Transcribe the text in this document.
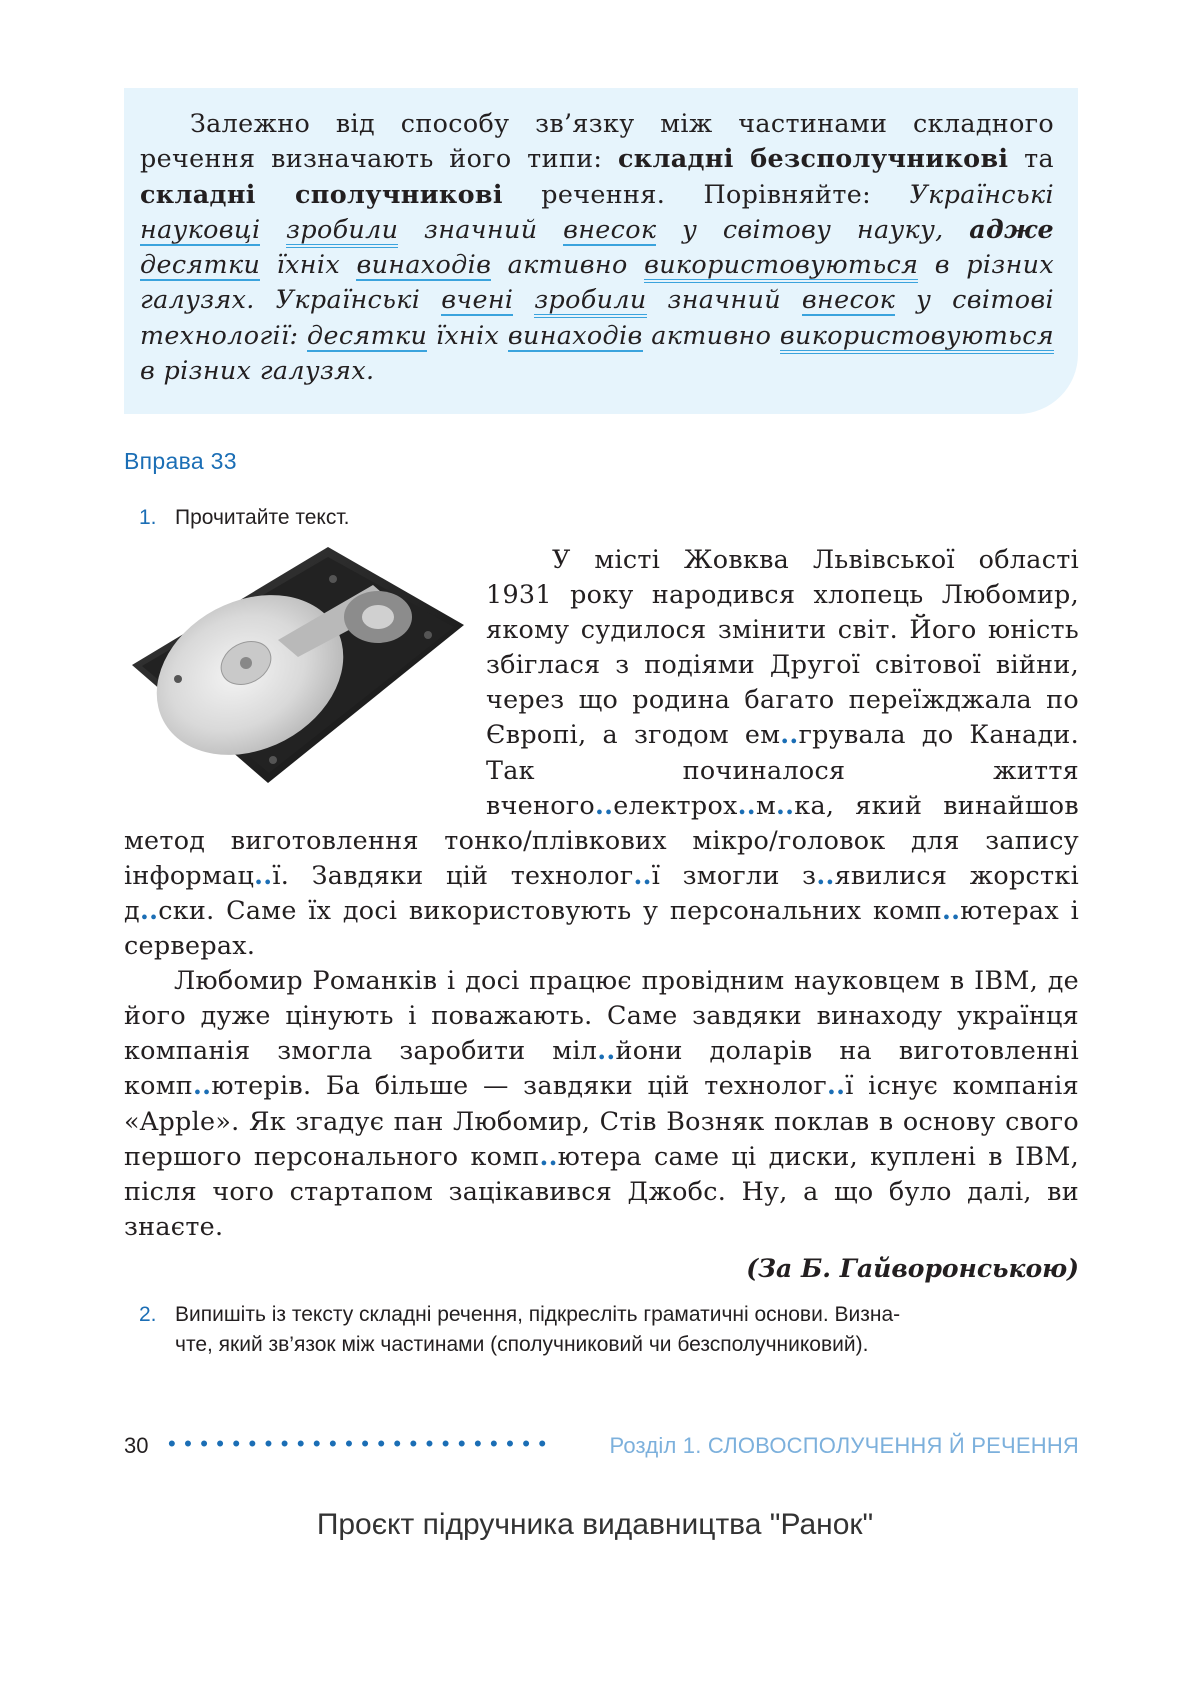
Залежно від способу зв’язку між частинами складного речення визначають його типи: складні безсполучникові та складні сполучникові речення. Порівняйте: Українські науковці зробили значний внесок у світову науку, адже десятки їхніх винаходів активно використовуються в різних галузях. Українські вчені зробили значний внесок у світові технології: десятки їхніх винаходів активно використовуються в різних галузях.

Вправа 33
1. Прочитайте текст.

У місті Жовква Львівської області 1931 року народився хлопець Любомир, якому судилося змінити світ. Його юність збіглася з подіями Другої світової війни, через що родина багато переїжджала по Європі, а згодом ем..грувала до Канади. Так починалося життя вченого..електрох..м..ка, який винайшов метод виготовлення тонко/плівкових мікро/головок для запису інформац..ї. Завдяки цій технолог..ї змогли з..явилися жорсткі д..ски. Саме їх досі використовують у персональних комп..ютерах і серверах.

Любомир Романків і досі працює провідним науковцем в IBM, де його дуже цінують і поважають. Саме завдяки винаходу українця компанія змогла заробити міл..йони доларів на виготовленні комп..ютерів. Ба більше — завдяки цій технолог..ї існує компанія «Apple». Як згадує пан Любомир, Стів Возняк поклав в основу свого першого персонального комп..ютера саме ці диски, куплені в IBM, після чого стартапом зацікавився Джобс. Ну, а що було далі, ви знаєте.

(За Б. Гайворонською)
2. Випишіть із тексту складні речення, підкресліть граматичні основи. Визна-
чте, який зв’язок між частинами (сполучниковий чи безсполучниковий).
30 ••••••••••••••••••••••••	Розділ 1. СЛОВОСПОЛУЧЕННЯ Й РЕЧЕННЯ
Проєкт підручника видавництва "Ранок"
